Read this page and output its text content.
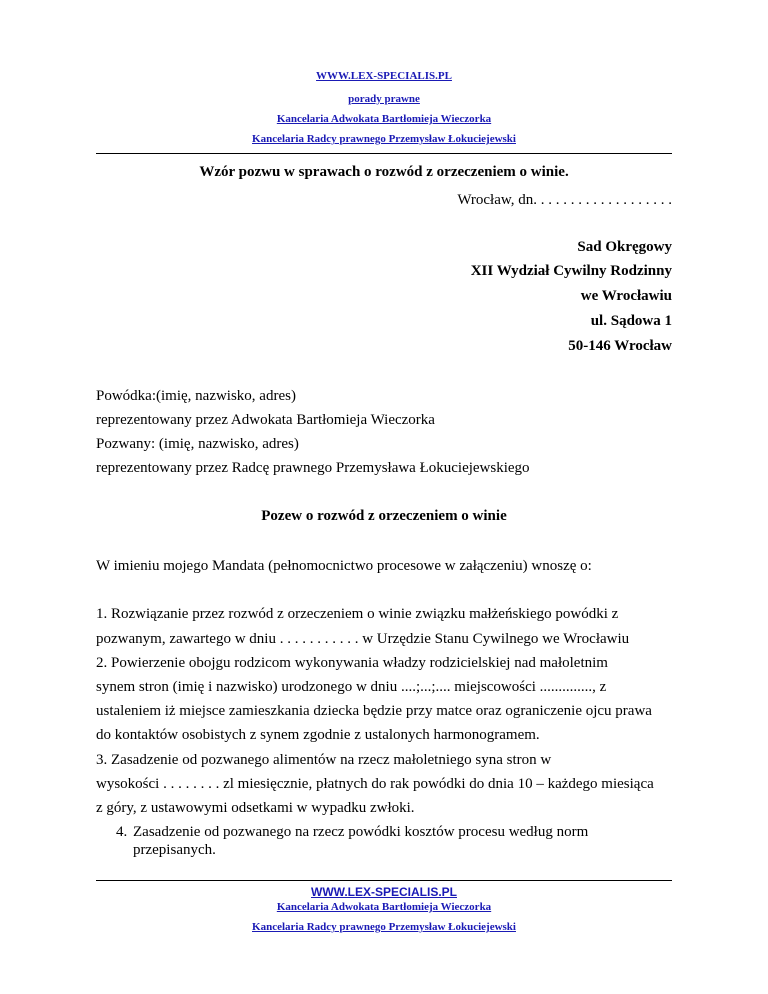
WWW.LEX-SPECIALIS.PL
porady prawne
Kancelaria Adwokata Bartłomieja Wieczorka
Kancelaria Radcy prawnego Przemysław Łokuciejewski
Wzór pozwu w sprawach o rozwód z orzeczeniem o winie.
Wrocław, dn. . . . . . . . . . . . . . . . . . .
Sad Okręgowy
XII Wydział Cywilny Rodzinny
we Wrocławiu
ul. Sądowa 1
50-146 Wrocław
Powódka:(imię, nazwisko, adres)
reprezentowany przez Adwokata Bartłomieja Wieczorka
Pozwany: (imię, nazwisko, adres)
reprezentowany przez Radcę prawnego Przemysława Łokuciejewskiego
Pozew o rozwód z orzeczeniem o winie
W imieniu mojego Mandata (pełnomocnictwo procesowe w załączeniu) wnoszę o:
1. Rozwiązanie przez rozwód z orzeczeniem o winie związku małżeńskiego powódki z
pozwanym, zawartego w dniu . . . . . . . . . . . w Urzędzie Stanu Cywilnego we Wrocławiu
2. Powierzenie obojgu rodzicom wykonywania władzy rodzicielskiej nad małoletnim
synem stron (imię i nazwisko) urodzonego w dniu ....;...;.... miejscowości .............., z
ustaleniem iż miejsce zamieszkania dziecka będzie przy matce oraz ograniczenie ojcu prawa
do kontaktów osobistych z synem zgodnie z ustalonych harmonogramem.
3. Zasadzenie od pozwanego alimentów na rzecz małoletniego syna stron w
wysokości . . . . . . . . zl miesięcznie, płatnych do rak powódki do dnia 10 – każdego miesiąca
z góry, z ustawowymi odsetkami w wypadku zwłoki.
4. Zasadzenie od pozwanego na rzecz powódki kosztów procesu według norm przepisanych.
WWW.LEX-SPECIALIS.PL
Kancelaria Adwokata Bartłomieja Wieczorka
Kancelaria Radcy prawnego Przemysław Łokuciejewski
